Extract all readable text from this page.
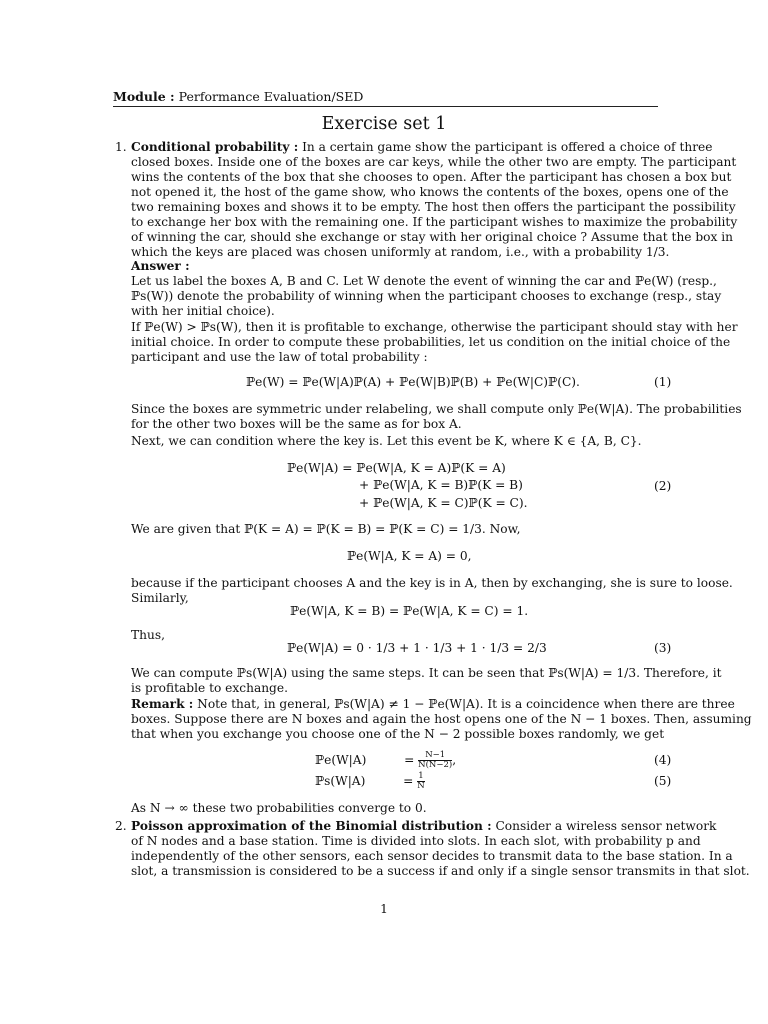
Module : Performance Evaluation/SED
Exercise set 1
1. Conditional probability : In a certain game show the participant is offered a choice of three
closed boxes. Inside one of the boxes are car keys, while the other two are empty. The participant
wins the contents of the box that she chooses to open. After the participant has chosen a box but
not opened it, the host of the game show, who knows the contents of the boxes, opens one of the
two remaining boxes and shows it to be empty. The host then offers the participant the possibility
to exchange her box with the remaining one. If the participant wishes to maximize the probability
of winning the car, should she exchange or stay with her original choice ? Assume that the box in
which the keys are placed was chosen uniformly at random, i.e., with a probability 1/3.
Answer :
Let us label the boxes A, B and C. Let W denote the event of winning the car and ℙe(W) (resp.,
ℙs(W)) denote the probability of winning when the participant chooses to exchange (resp., stay
with her initial choice).
If ℙe(W) > ℙs(W), then it is profitable to exchange, otherwise the participant should stay with her
initial choice. In order to compute these probabilities, let us condition on the initial choice of the
participant and use the law of total probability :
ℙe(W) = ℙe(W|A)ℙ(A) + ℙe(W|B)ℙ(B) + ℙe(W|C)ℙ(C).	(1)
Since the boxes are symmetric under relabeling, we shall compute only ℙe(W|A). The probabilities
for the other two boxes will be the same as for box A.
Next, we can condition where the key is. Let this event be K, where K ∈ {A, B, C}.
ℙe(W|A) = ℙe(W|A, K = A)ℙ(K = A)
+ ℙe(W|A, K = B)ℙ(K = B)
+ ℙe(W|A, K = C)ℙ(K = C).
(2)
We are given that ℙ(K = A) = ℙ(K = B) = ℙ(K = C) = 1/3. Now,
ℙe(W|A, K = A) = 0,
because if the participant chooses A and the key is in A, then by exchanging, she is sure to loose.
Similarly,
ℙe(W|A, K = B) = ℙe(W|A, K = C) = 1.
Thus,
ℙe(W|A) = 0 · 1/3 + 1 · 1/3 + 1 · 1/3 = 2/3	(3)
We can compute ℙs(W|A) using the same steps. It can be seen that ℙs(W|A) = 1/3. Therefore, it
is profitable to exchange.
Remark : Note that, in general, ℙs(W|A) ≠ 1 − ℙe(W|A). It is a coincidence when there are three
boxes. Suppose there are N boxes and again the host opens one of the N − 1 boxes. Then, assuming
that when you exchange you choose one of the N − 2 possible boxes randomly, we get
ℙe(W|A)	= $\frac{N-1}{N(N-2)}$ ,	(4)
ℙs(W|A)	= $\frac{1}{N}$	(5)
As N → ∞ these two probabilities converge to 0.
2. Poisson approximation of the Binomial distribution : Consider a wireless sensor network
of N nodes and a base station. Time is divided into slots. In each slot, with probability p and
independently of the other sensors, each sensor decides to transmit data to the base station. In a
slot, a transmission is considered to be a success if and only if a single sensor transmits in that slot.
1
